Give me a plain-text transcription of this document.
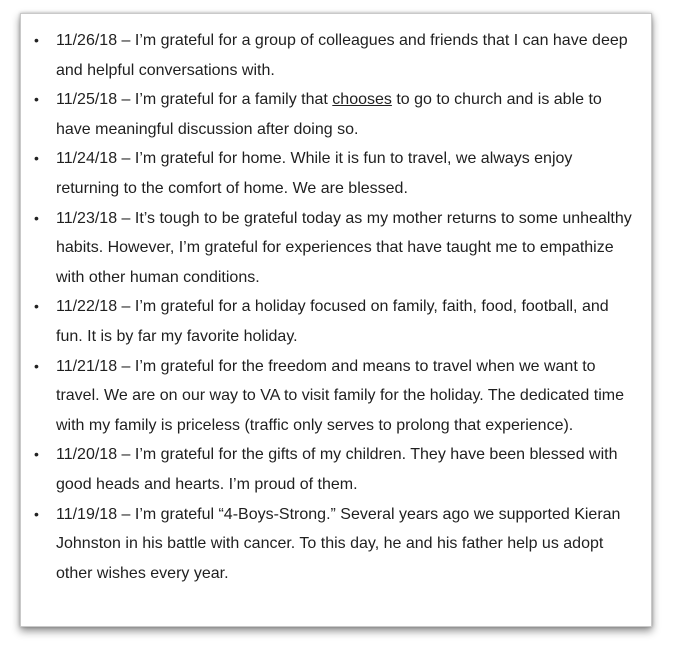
• 11/26/18 – I’m grateful for a group of colleagues and friends that I can have deep and helpful conversations with.
• 11/25/18 – I’m grateful for a family that chooses to go to church and is able to have meaningful discussion after doing so.
• 11/24/18 – I’m grateful for home. While it is fun to travel, we always enjoy returning to the comfort of home. We are blessed.
• 11/23/18 – It’s tough to be grateful today as my mother returns to some unhealthy habits. However, I’m grateful for experiences that have taught me to empathize with other human conditions.
• 11/22/18 – I’m grateful for a holiday focused on family, faith, food, football, and fun. It is by far my favorite holiday.
• 11/21/18 – I’m grateful for the freedom and means to travel when we want to travel. We are on our way to VA to visit family for the holiday. The dedicated time with my family is priceless (traffic only serves to prolong that experience).
• 11/20/18 – I’m grateful for the gifts of my children. They have been blessed with good heads and hearts. I’m proud of them.
• 11/19/18 – I’m grateful “4-Boys-Strong.” Several years ago we supported Kieran Johnston in his battle with cancer. To this day, he and his father help us adopt other wishes every year.
